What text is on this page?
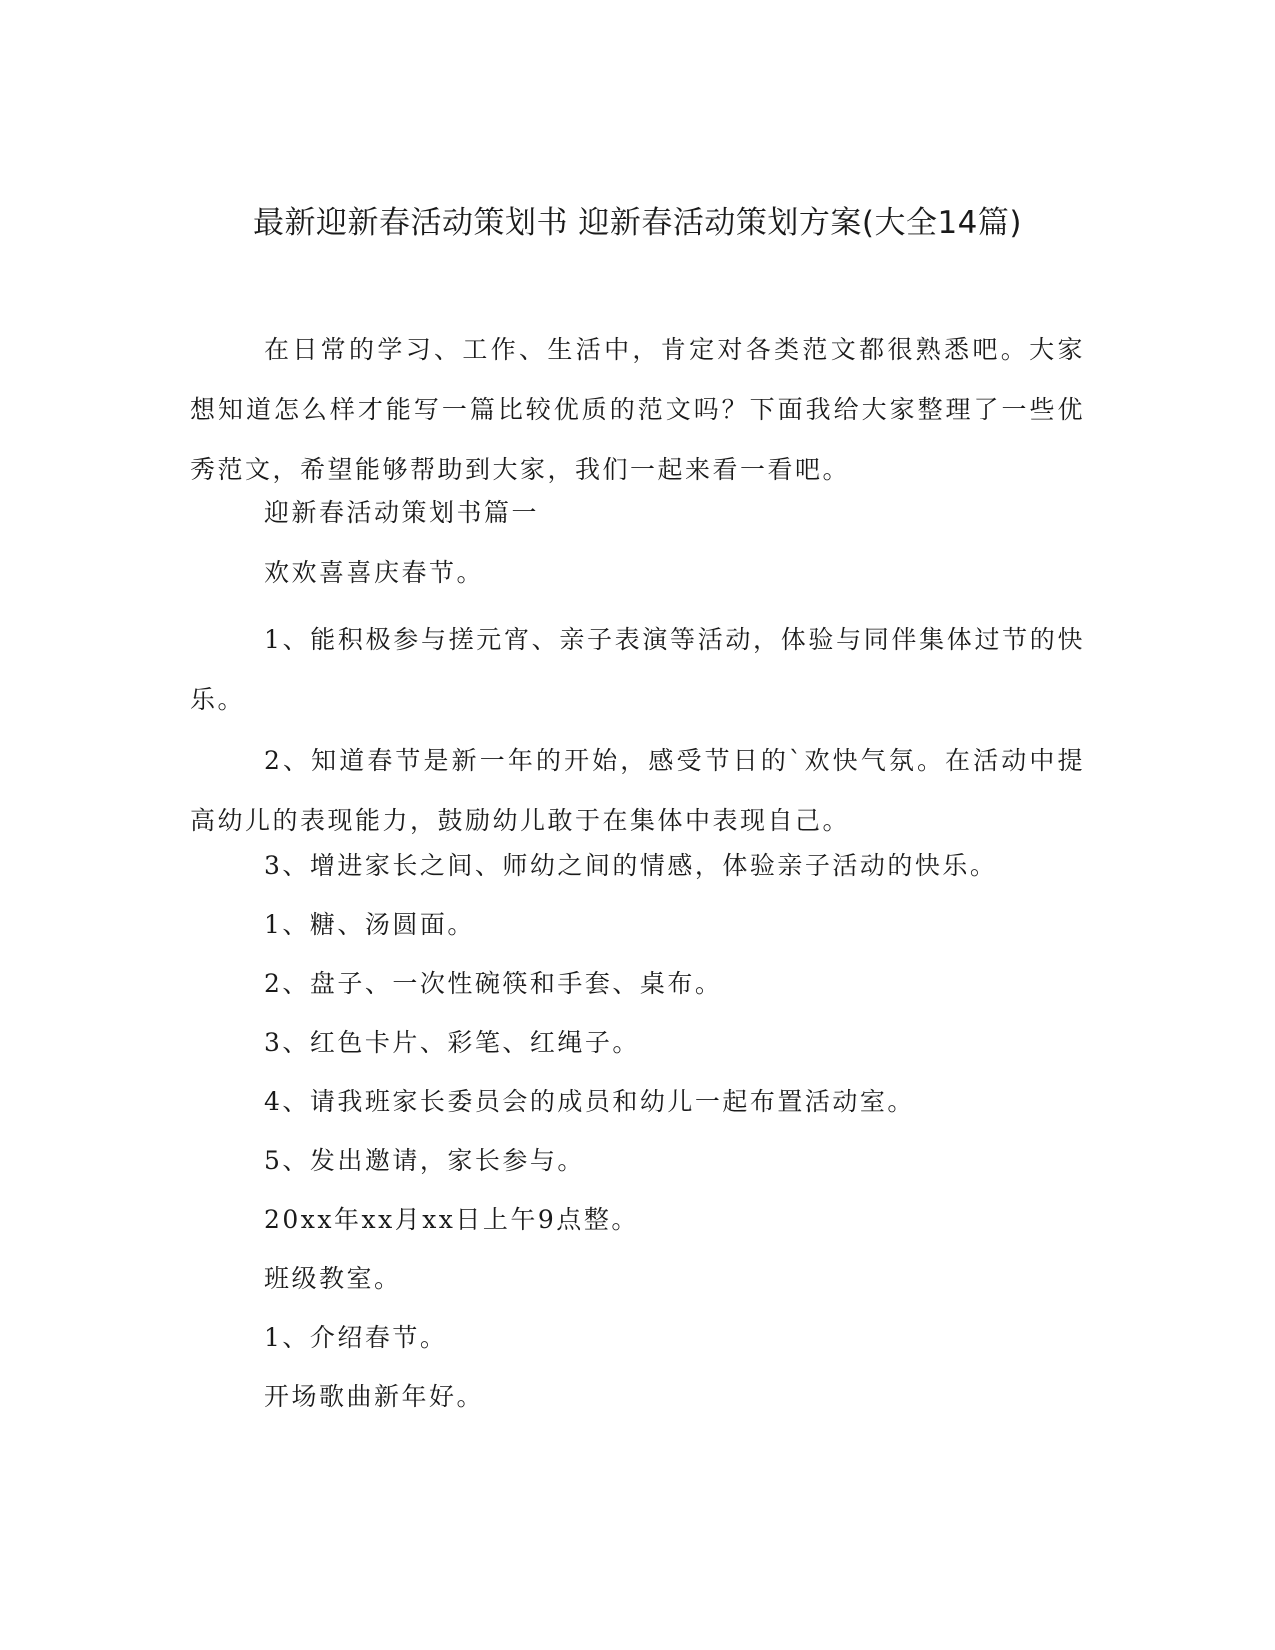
最新迎新春活动策划书 迎新春活动策划方案(大全14篇)

在日常的学习、工作、生活中，肯定对各类范文都很熟悉吧。大家想知道怎么样才能写一篇比较优质的范文吗？下面我给大家整理了一些优秀范文，希望能够帮助到大家，我们一起来看一看吧。

迎新春活动策划书篇一

欢欢喜喜庆春节。

1、能积极参与搓元宵、亲子表演等活动，体验与同伴集体过节的快乐。

2、知道春节是新一年的开始，感受节日的`欢快气氛。在活动中提高幼儿的表现能力，鼓励幼儿敢于在集体中表现自己。

3、增进家长之间、师幼之间的情感，体验亲子活动的快乐。

1、糖、汤圆面。

2、盘子、一次性碗筷和手套、桌布。

3、红色卡片、彩笔、红绳子。

4、请我班家长委员会的成员和幼儿一起布置活动室。

5、发出邀请，家长参与。

20xx年xx月xx日上午9点整。

班级教室。

1、介绍春节。

开场歌曲新年好。
